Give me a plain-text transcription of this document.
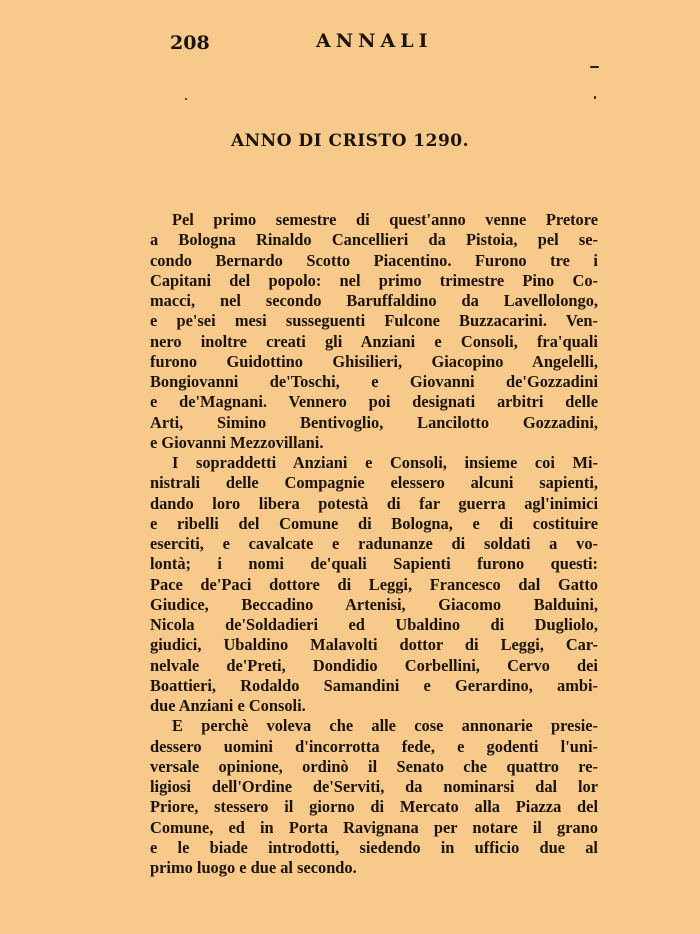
208	ANNALI
ANNO DI CRISTO 1290.
Pel primo semestre di quest'anno venne Pretore
a Bologna Rinaldo Cancellieri da Pistoia, pel se-
condo Bernardo Scotto Piacentino. Furono tre i
Capitani del popolo: nel primo trimestre Pino Co-
macci, nel secondo Baruffaldino da Lavellolongo,
e pe'sei mesi susseguenti Fulcone Buzzacarini. Ven-
nero inoltre creati gli Anziani e Consoli, fra'quali
furono Guidottino Ghisilieri, Giacopino Angelelli,
Bongiovanni de'Toschi, e Giovanni de'Gozzadini
e de'Magnani. Vennero poi designati arbitri delle
Arti, Simino Bentivoglio, Lancilotto Gozzadini,
e Giovanni Mezzovillani.
I sopraddetti Anziani e Consoli, insieme coi Mi-
nistrali delle Compagnie elessero alcuni sapienti,
dando loro libera potestà di far guerra agl'inimici
e ribelli del Comune di Bologna, e di costituire
eserciti, e cavalcate e radunanze di soldati a vo-
lontà; i nomi de'quali Sapienti furono questi:
Pace de'Paci dottore di Leggi, Francesco dal Gatto
Giudice, Beccadino Artenisi, Giacomo Balduini,
Nicola de'Soldadieri ed Ubaldino di Dugliolo,
giudici, Ubaldino Malavolti dottor di Leggi, Car-
nelvale de'Preti, Dondidio Corbellini, Cervo dei
Boattieri, Rodaldo Samandini e Gerardino, ambi-
due Anziani e Consoli.
E perchè voleva che alle cose annonarie presie-
dessero uomini d'incorrotta fede, e godenti l'uni-
versale opinione, ordinò il Senato che quattro re-
ligiosi dell'Ordine de'Serviti, da nominarsi dal lor
Priore, stessero il giorno di Mercato alla Piazza del
Comune, ed in Porta Ravignana per notare il grano
e le biade introdotti, siedendo in ufficio due al
primo luogo e due al secondo.
